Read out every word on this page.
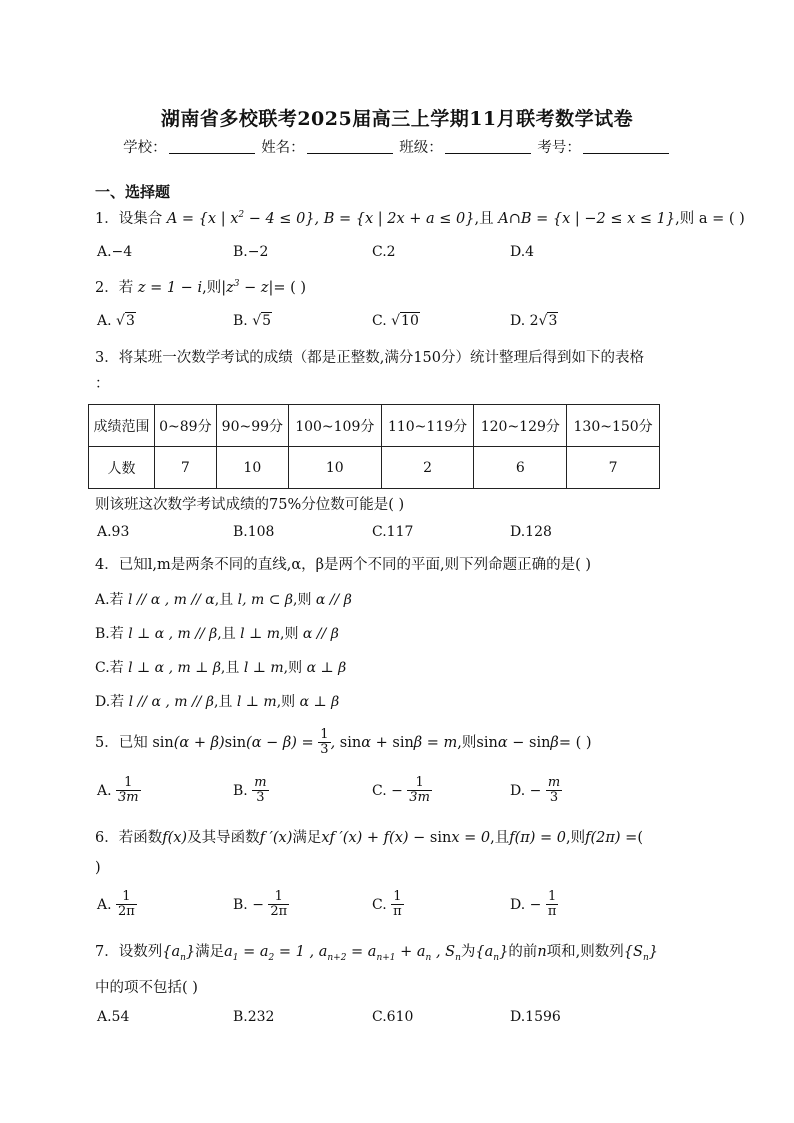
湖南省多校联考2025届高三上学期11月联考数学试卷
学校：	姓名：	班级：	考号：
一、选择题
1．设集合 A = {x | $x^2 - 4 \le 0$}, B = {x | 2x + a ≤ 0},且 A∩B = {x | −2 ≤ x ≤ 1},则 a = ( )
A.−4	B.−2	C.2	D.4
2．若 z = 1 − i,则$|z^3 - z|=$ ( )
A. √3	B. √5	C. √10	D. 2√3
3．将某班一次数学考试的成绩（都是正整数,满分150分）统计整理后得到如下的表格
：
成绩范围	0~89分	90~99分	100~109分	110~119分	120~129分	130~150分
人数	7	10	10	2	6	7
则该班这次数学考试成绩的75%分位数可能是( )
A.93	B.108	C.117	D.128
4．已知l,m是两条不同的直线,α，β是两个不同的平面,则下列命题正确的是( )
A.若 l // α , m // α,且 l, m ⊂ β,则 α // β
B.若 l ⊥ α , m // β,且 l ⊥ m,则 α // β
C.若 l ⊥ α , m ⊥ β,且 l ⊥ m,则 α ⊥ β
D.若 l // α , m // β,且 l ⊥ m,则 α ⊥ β
5．已知 $\sin(\alpha + \beta)\sin(\alpha - \beta) = \frac{1}{3}$ , sinα + sinβ = m,则sinα − sinβ= ( )
A. $\frac{1}{3m}$	B. $\frac{m}{3}$	C. − $\frac{1}{3m}$	D. − $\frac{m}{3}$
6．若函数f(x)及其导函数f ′(x)满足xf ′(x) + f(x) − sinx = 0,且f(π) = 0,则f(2π) =(
)
A. $\frac{1}{2\pi}$	B. − $\frac{1}{2\pi}$	C. $\frac{1}{\pi}$	D. − $\frac{1}{\pi}$
7．设数列$\{a_n\}$满足$a_1 = a_2 = 1$ , $a_{n+2} = a_{n+1} + a_n$ , $S_n$为$\{a_n\}$的前n项和,则数列$\{S_n\}$
中的项不包括( )
A.54	B.232	C.610	D.1596
